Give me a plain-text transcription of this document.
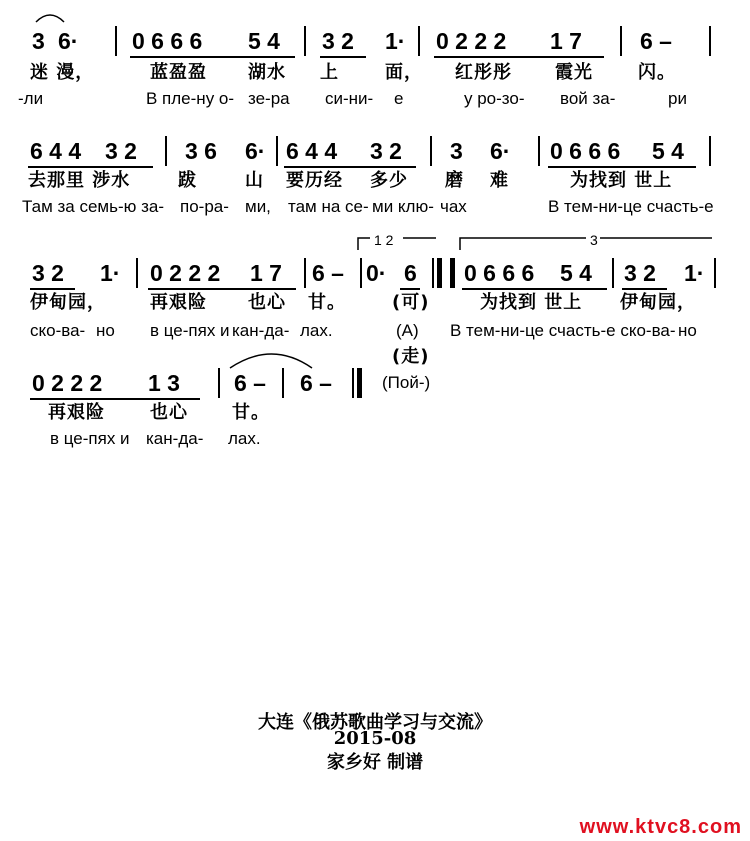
3 6· 0 6 6 6 5 4 3 2 1· 0 2 2 2 1 7	6 –
迷 漫，	蓝盈盈 湖水 上	面， 红彤彤 霞光	闪。
-ли	В пле-ну о- зе-ра си-ни- е	у ро-зо- вой за-	ри
6 4 4 3 2 3 6 6· 6 4 4 3 2 3 6· 0 6 6 6 5 4
去那里 涉水	跋	山 要历经 多少 磨 难	为找到 世上
Там за семь-ю за- по-ра- ми, там на се- ми клю- чах	В тем-ни-це счасть-е
1 2	3
3 2 1· 0 2 2 2 1 7 6 – 0· 6 0 6 6 6 5 4 3 2 1·
伊甸园， 再艰险 也心 甘。	(可)	为找到 世上 伊甸园，
ско-ва- но в це-пях и кан-да- лах.	(А) В тем-ни-це счасть-е ско-ва- но
0 2 2 2 1 3 6 – 6 –
再艰险	也心 甘。
(走)
в це-пях и кан-да- лах.
(Пой-)
大连《俄苏歌曲学习与交流》
2015-08
家乡好 制谱
www.ktvc8.com
